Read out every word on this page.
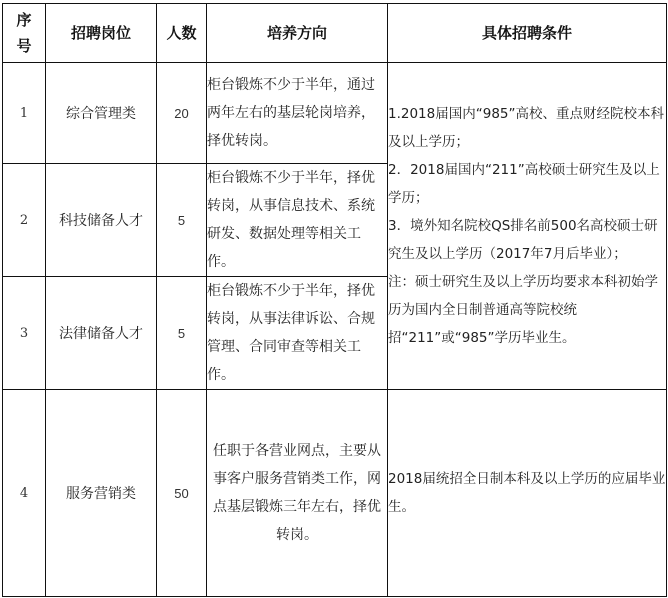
序号	招聘岗位	人数	培养方向	具体招聘条件
1	综合管理类	20	柜台锻炼不少于半年，通过两年左右的基层轮岗培养，择优转岗。	1.2018届国内“985”高校、重点财经院校本科及以上学历；
2．2018届国内“211”高校硕士研究生及以上学历；
3．境外知名院校QS排名前500名高校硕士研究生及以上学历（2017年7月后毕业）；
注：硕士研究生及以上学历均要求本科初始学历为国内全日制普通高等院校统招“211”或“985”学历毕业生。

2	科技储备人才	5	柜台锻炼不少于半年，择优转岗，从事信息技术、系统研发、数据处理等相关工作。	
3	法律储备人才	5	柜台锻炼不少于半年，择优转岗，从事法律诉讼、合规管理、合同审查等相关工作。	
4	服务营销类	50	任职于各营业网点，主要从事客户服务营销类工作，网点基层锻炼三年左右，择优转岗。	2018届统招全日制本科及以上学历的应届毕业生。
